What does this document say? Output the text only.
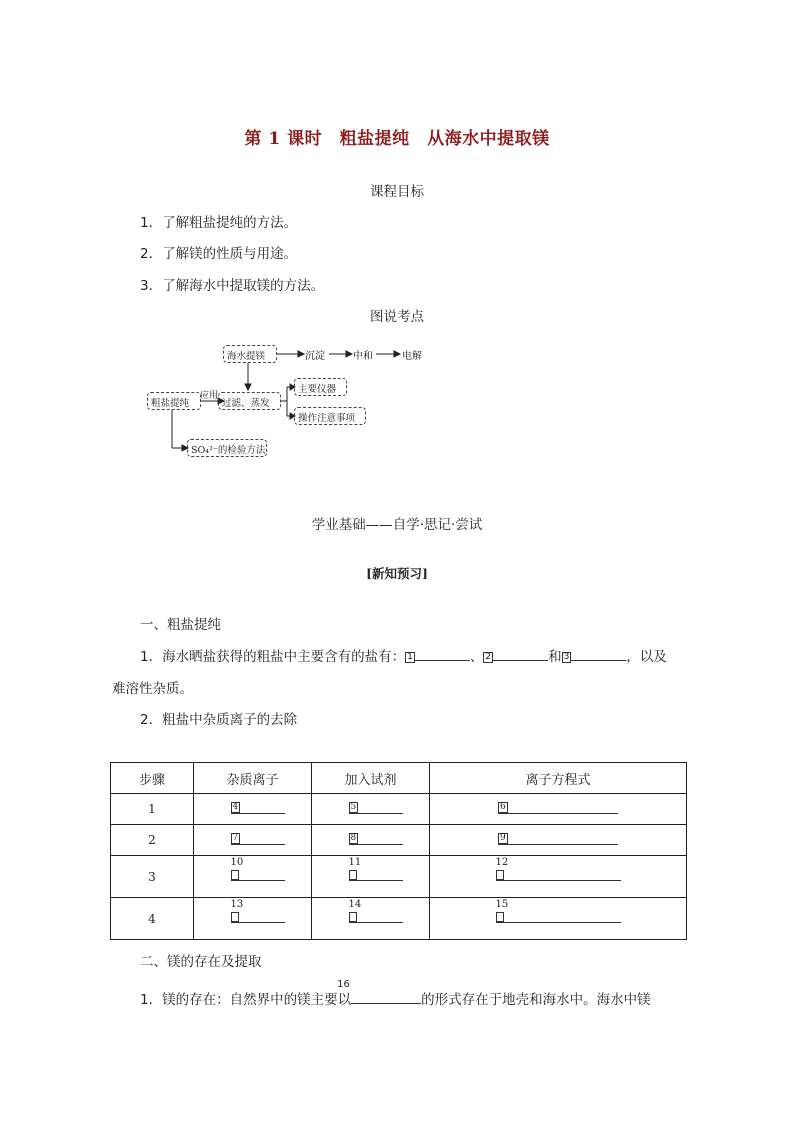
第 1 课时　粗盐提纯　从海水中提取镁
课程目标
1．了解粗盐提纯的方法。
2．了解镁的性质与用途。
3．了解海水中提取镁的方法。
图说考点
海水提镁	沉淀	中和	电解
粗盐提纯
应用
过滤、蒸发
主要仪器
操作注意事项
SO₄²⁻的检验方法
学业基础——自学·思记·尝试
[新知预习]
一、粗盐提纯
1．海水晒盐获得的粗盐中主要含有的盐有： 1	、 2	和 3	，以及
难溶性杂质。
2．粗盐中杂质离子的去除
步骤	杂质离子	加入试剂	离子方程式
1	4	5	6

2	7	8	9

3	10	11	12

4	13	14	15
二、镁的存在及提取
1．镁的存在：自然界中的镁主要以
16
的形式存在于地壳和海水中。海水中镁
